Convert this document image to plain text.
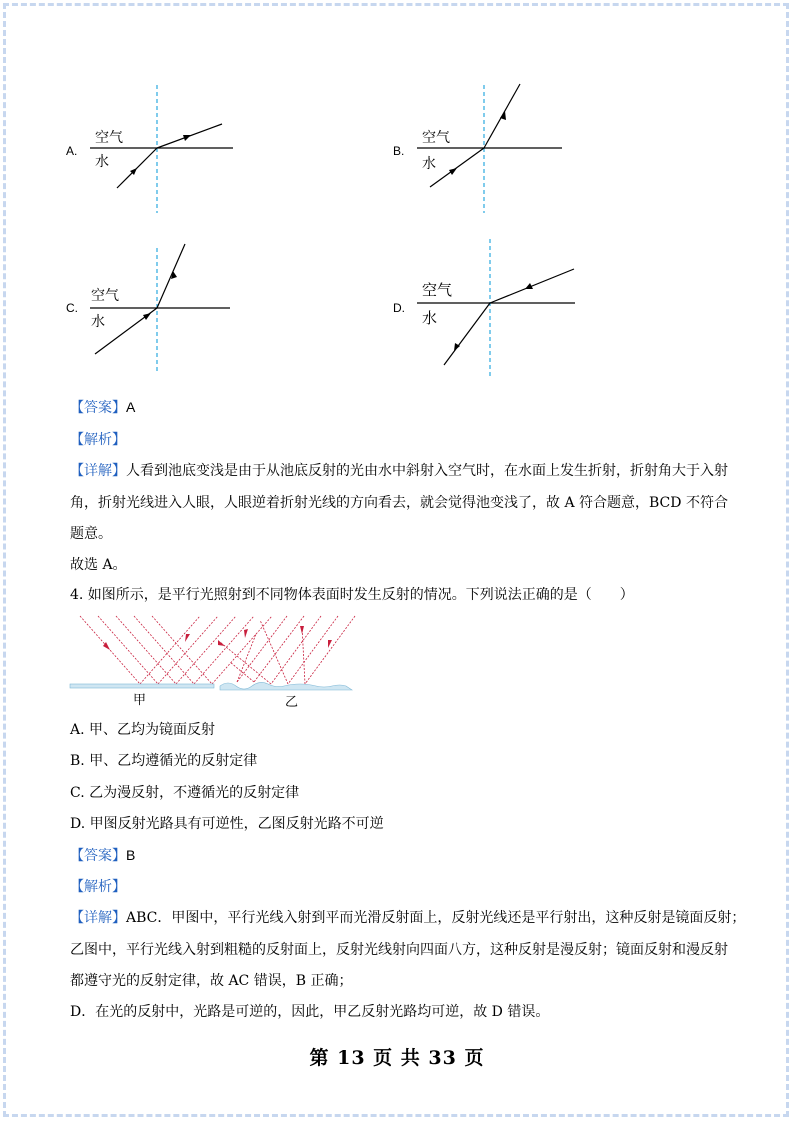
A.
空气
水
B.
空气
水
C.
空气
水
D.
空气
水
【答案】A
【解析】
【详解】人看到池底变浅是由于从池底反射的光由水中斜射入空气时，在水面上发生折射，折射角大于入射
角，折射光线进入人眼，人眼逆着折射光线的方向看去，就会觉得池变浅了，故 A 符合题意，BCD 不符合
题意。
故选 A。
4. 如图所示，是平行光照射到不同物体表面时发生反射的情况。下列说法正确的是（　　）
甲	乙
A. 甲、乙均为镜面反射
B. 甲、乙均遵循光的反射定律
C. 乙为漫反射，不遵循光的反射定律
D. 甲图反射光路具有可逆性，乙图反射光路不可逆
【答案】B
【解析】
【详解】ABC．甲图中，平行光线入射到平而光滑反射面上，反射光线还是平行射出，这种反射是镜面反射；
乙图中，平行光线入射到粗糙的反射面上，反射光线射向四面八方，这种反射是漫反射；镜面反射和漫反射
都遵守光的反射定律，故 AC 错误，B 正确；
D．在光的反射中，光路是可逆的，因此，甲乙反射光路均可逆，故 D 错误。
第 13 页 共 33 页
